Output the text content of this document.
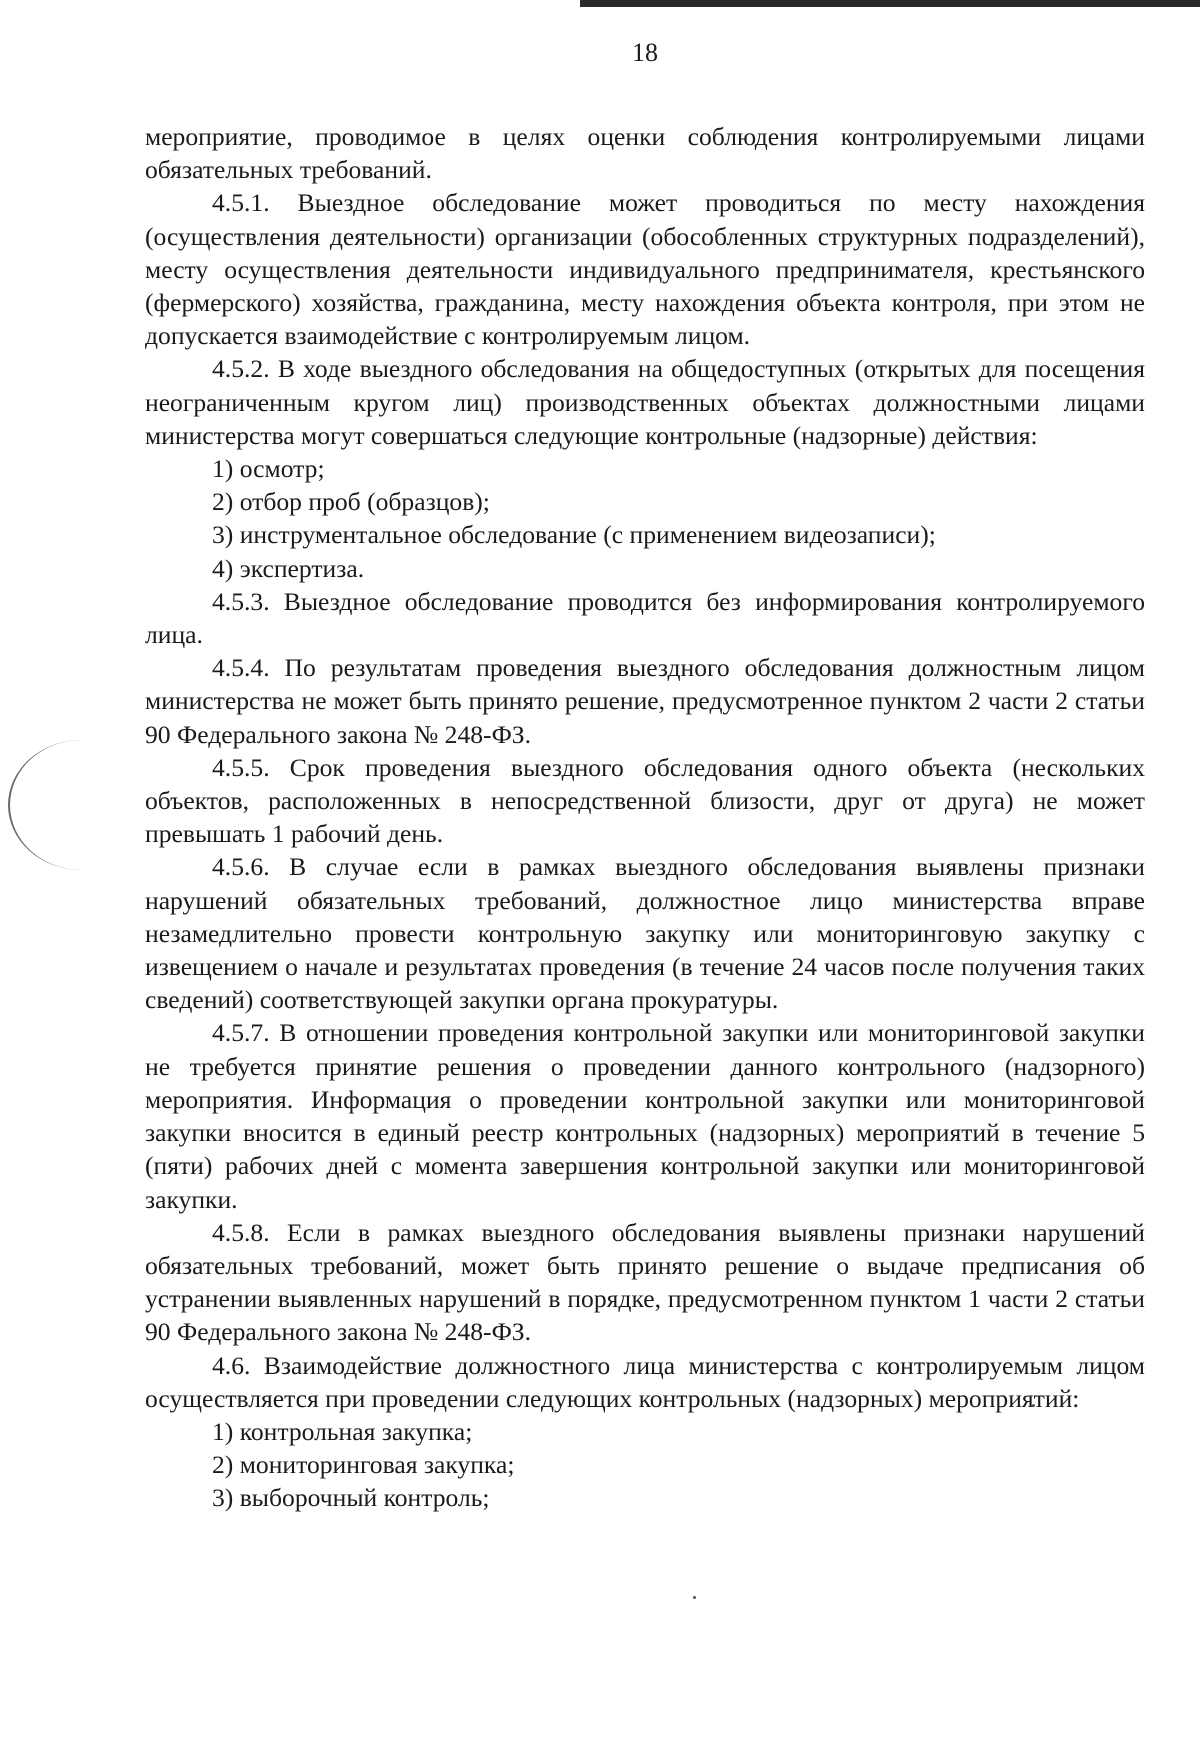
18

мероприятие, проводимое в целях оценки соблюдения контролируемыми лицами обязательных требований.

4.5.1. Выездное обследование может проводиться по месту нахождения (осуществления деятельности) организации (обособленных структурных подразделений), месту осуществления деятельности индивидуального предпринимателя, крестьянского (фермерского) хозяйства, гражданина, месту нахождения объекта контроля, при этом не допускается взаимодействие с контролируемым лицом.

4.5.2. В ходе выездного обследования на общедоступных (открытых для посещения неограниченным кругом лиц) производственных объектах должностными лицами министерства могут совершаться следующие контрольные (надзорные) действия:

1) осмотр;

2) отбор проб (образцов);

3) инструментальное обследование (с применением видеозаписи);

4) экспертиза.

4.5.3. Выездное обследование проводится без информирования контролируемого лица.

4.5.4. По результатам проведения выездного обследования должностным лицом министерства не может быть принято решение, предусмотренное пунктом 2 части 2 статьи 90 Федерального закона № 248-ФЗ.

4.5.5. Срок проведения выездного обследования одного объекта (нескольких объектов, расположенных в непосредственной близости, друг от друга) не может превышать 1 рабочий день.

4.5.6. В случае если в рамках выездного обследования выявлены признаки нарушений обязательных требований, должностное лицо министерства вправе незамедлительно провести контрольную закупку или мониторинговую закупку с извещением о начале и результатах проведения (в течение 24 часов после получения таких сведений) соответствующей закупки органа прокуратуры.

4.5.7. В отношении проведения контрольной закупки или мониторинговой закупки не требуется принятие решения о проведении данного контрольного (надзорного) мероприятия. Информация о проведении контрольной закупки или мониторинговой закупки вносится в единый реестр контрольных (надзорных) мероприятий в течение 5 (пяти) рабочих дней с момента завершения контрольной закупки или мониторинговой закупки.

4.5.8. Если в рамках выездного обследования выявлены признаки нарушений обязательных требований, может быть принято решение о выдаче предписания об устранении выявленных нарушений в порядке, предусмотренном пунктом 1 части 2 статьи 90 Федерального закона № 248-ФЗ.

4.6. Взаимодействие должностного лица министерства с контролируемым лицом осуществляется при проведении следующих контрольных (надзорных) мероприятий:

1) контрольная закупка;

2) мониторинговая закупка;

3) выборочный контроль;
